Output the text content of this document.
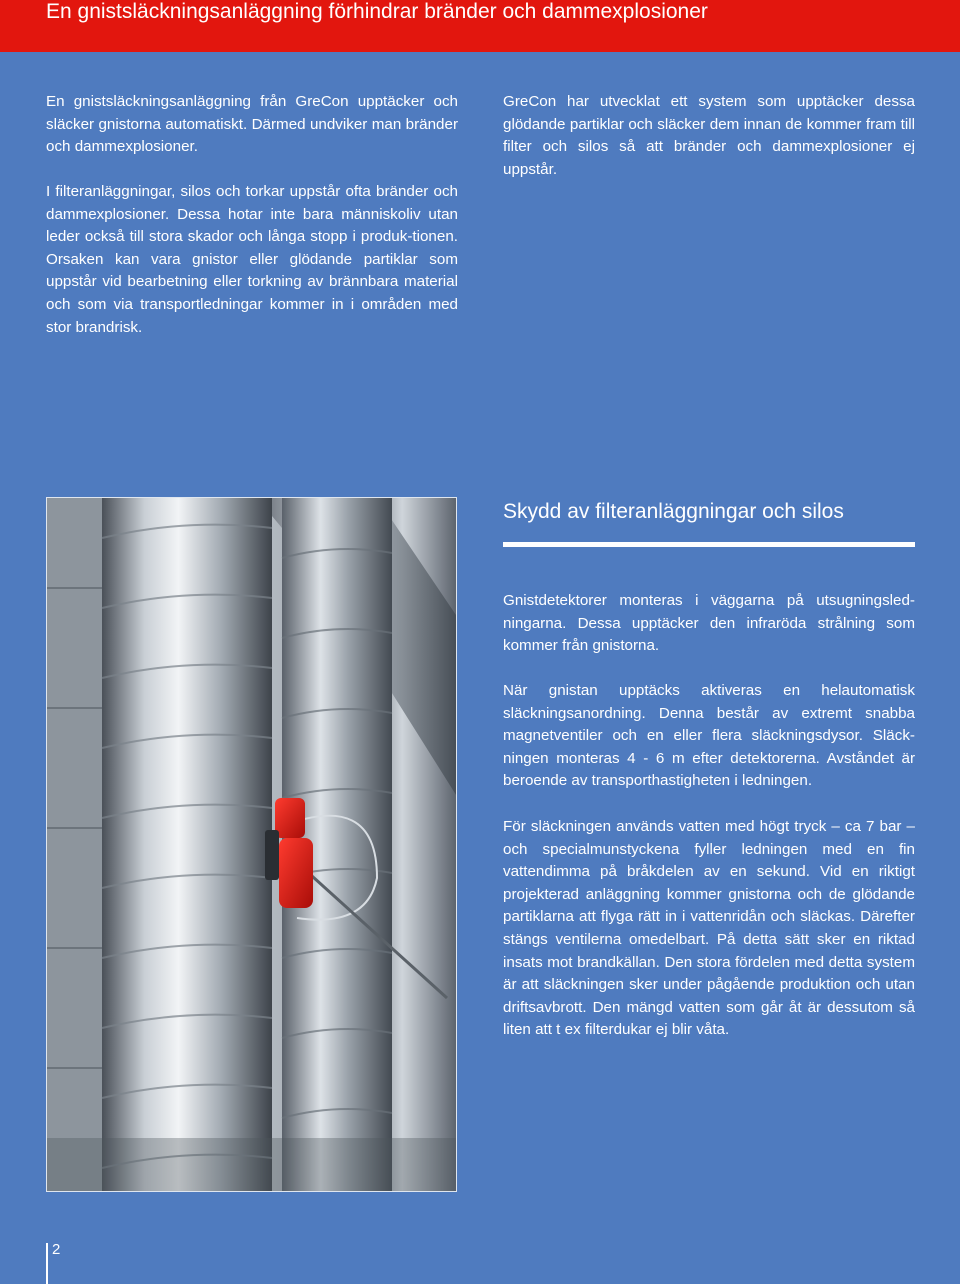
En gnistsläckningsanläggning förhindrar bränder och dammexplosioner

En gnistsläckningsanläggning från GreCon upptäcker och släcker gnistorna automatiskt. Därmed undviker man bränder och dammexplosioner.

I filteranläggningar, silos och torkar uppstår ofta bränder och dammexplosioner. Dessa hotar inte bara människoliv utan leder också till stora skador och långa stopp i produk-tionen. Orsaken kan vara gnistor eller glödande partiklar som uppstår vid bearbetning eller torkning av brännbara material och som via transportledningar kommer in i områden med stor brandrisk.

GreCon har utvecklat ett system som upptäcker dessa glödande partiklar och släcker dem innan de kommer fram till filter och silos så att bränder och dammexplosioner ej uppstår.

Skydd av filteranläggningar och silos

Gnistdetektorer monteras i väggarna på utsugningsled-ningarna. Dessa upptäcker den infraröda strålning som kommer från gnistorna.

När gnistan upptäcks aktiveras en helautomatisk släckningsanordning. Denna består av extremt snabba magnetventiler och en eller flera släckningsdysor. Släck-ningen monteras 4 - 6 m efter detektorerna. Avståndet är beroende av transporthastigheten i ledningen.

För släckningen används vatten med högt tryck – ca 7 bar – och specialmunstyckena fyller ledningen med en fin vattendimma på bråkdelen av en sekund. Vid en riktigt projekterad anläggning kommer gnistorna och de glödande partiklarna att flyga rätt in i vattenridån och släckas. Därefter stängs ventilerna omedelbart. På detta sätt sker en riktad insats mot brandkällan. Den stora fördelen med detta system är att släckningen sker under pågående produktion och utan driftsavbrott. Den mängd vatten som går åt är dessutom så liten att t ex filterdukar ej blir våta.

2
